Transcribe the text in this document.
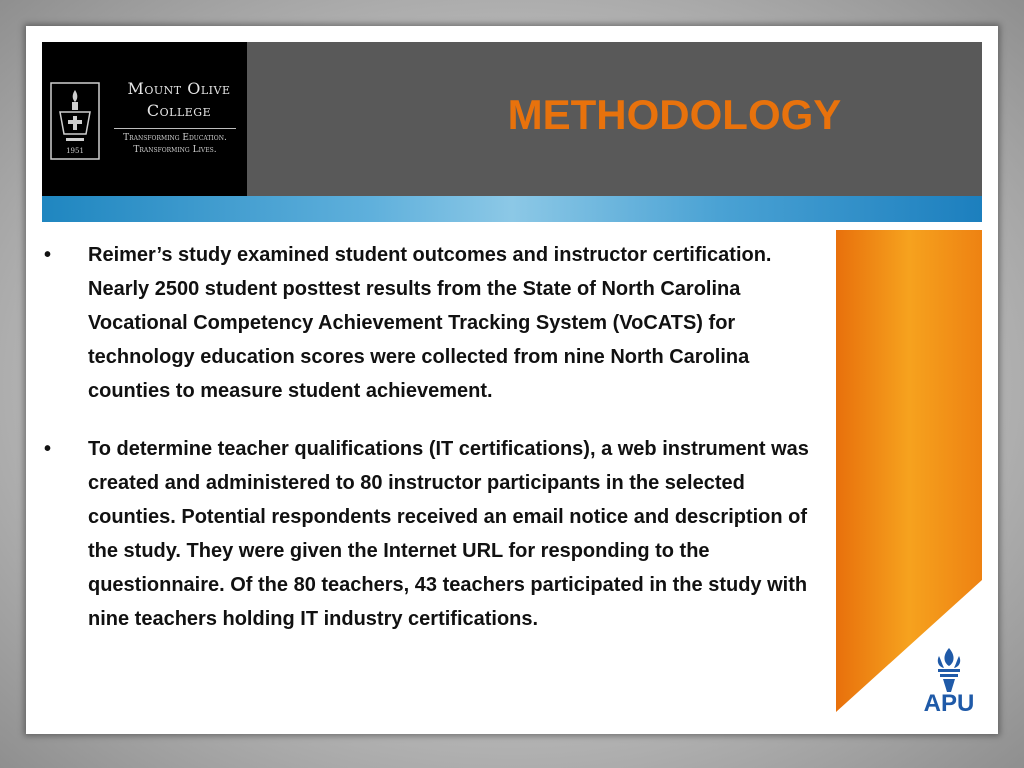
1951
Mount Olive
College
Transforming Education.
Transforming Lives.
METHODOLOGY
• Reimer’s study examined student outcomes and instructor certification. Nearly 2500 student posttest results from the State of North Carolina Vocational Competency Achievement Tracking System (VoCATS) for technology education scores were collected from nine North Carolina counties to measure student achievement.
• To determine teacher qualifications (IT certifications), a web instrument was created and administered to 80 instructor participants in the selected counties. Potential respondents received an email notice and description of the study. They were given the Internet URL for responding to the questionnaire. Of the 80 teachers, 43 teachers participated in the study with nine teachers holding IT industry certifications.
APU
